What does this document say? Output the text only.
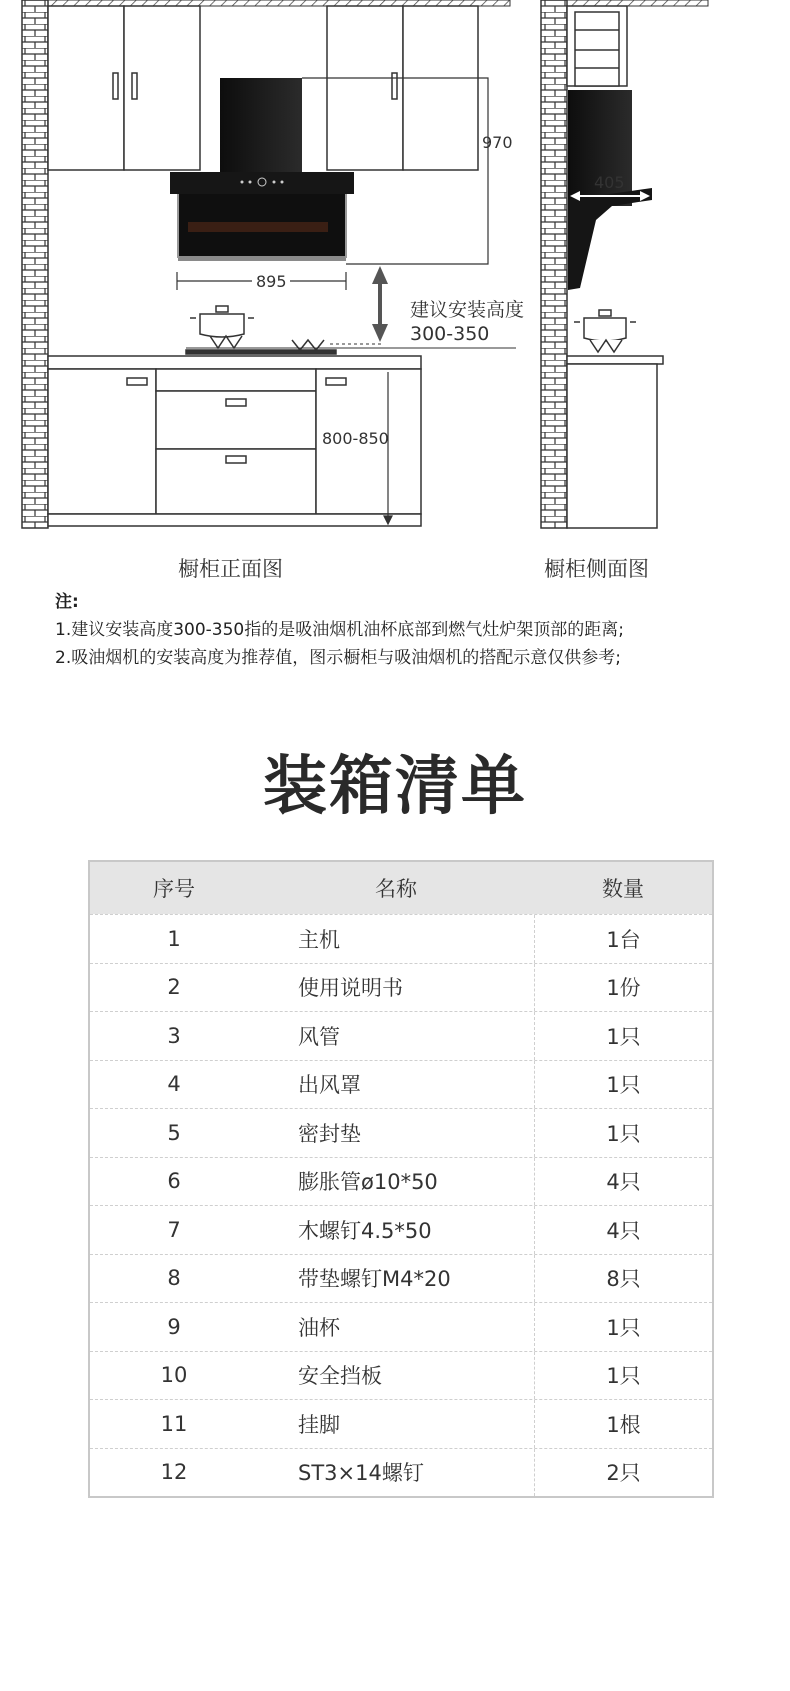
970
895
建议安装高度
300-350
800-850
405
橱柜正面图	橱柜侧面图
注:
1.建议安装高度300-350指的是吸油烟机油杯底部到燃气灶炉架顶部的距离;
2.吸油烟机的安装高度为推荐值，图示橱柜与吸油烟机的搭配示意仅供参考;
装箱清单
序号	名称	数量
1	主机	1台
2	使用说明书	1份
3	风管	1只
4	出风罩	1只
5	密封垫	1只
6	膨胀管ø10*50	4只
7	木螺钉4.5*50	4只
8	带垫螺钉M4*20	8只
9	油杯	1只
10	安全挡板	1只
11	挂脚	1根
12	ST3×14螺钉	2只
